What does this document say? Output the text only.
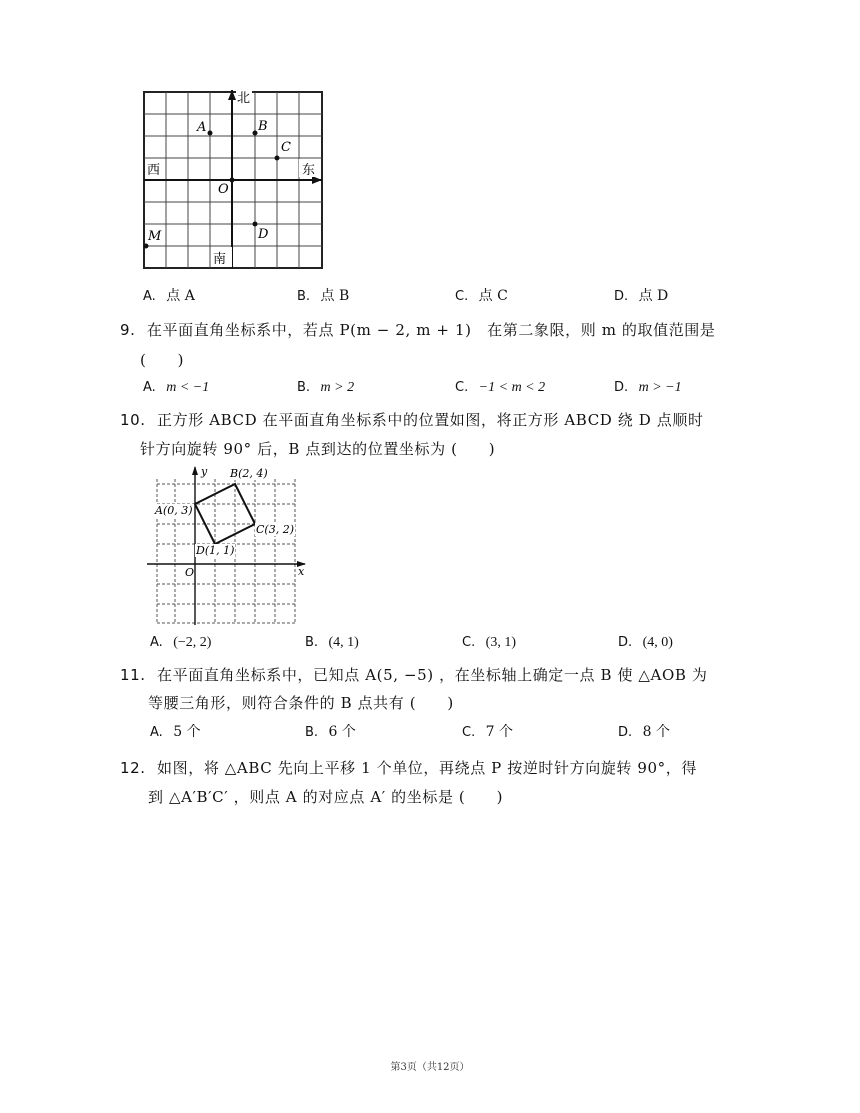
北
西	东
南
A	B
C
O
D
M
A. 点 A	B. 点 B	C. 点 C	D. 点 D
9. 在平面直角坐标系中，若点 P(m − 2, m + 1)　在第二象限，则 m 的取值范围是
(　　)
A. m < −1	B. m > 2	C. −1 < m < 2	D. m > −1
10. 正方形 ABCD 在平面直角坐标系中的位置如图，将正方形 ABCD 绕 D 点顺时
针方向旋转 90° 后，B 点到达的位置坐标为 (　　)
y
x
O
B(2, 4)
A(0, 3)
C(3, 2)
D(1, 1)
A. (−2, 2)	B. (4, 1)	C. (3, 1)	D. (4, 0)
11. 在平面直角坐标系中，已知点 A(5, −5) ，在坐标轴上确定一点 B 使 △AOB 为
等腰三角形，则符合条件的 B 点共有 (　　)
A. 5 个	B. 6 个	C. 7 个	D. 8 个
12. 如图，将 △ABC 先向上平移 1 个单位，再绕点 P 按逆时针方向旋转 90°，得
到 △A′B′C′ ，则点 A 的对应点 A′ 的坐标是 (　　)
第3页（共12页）
